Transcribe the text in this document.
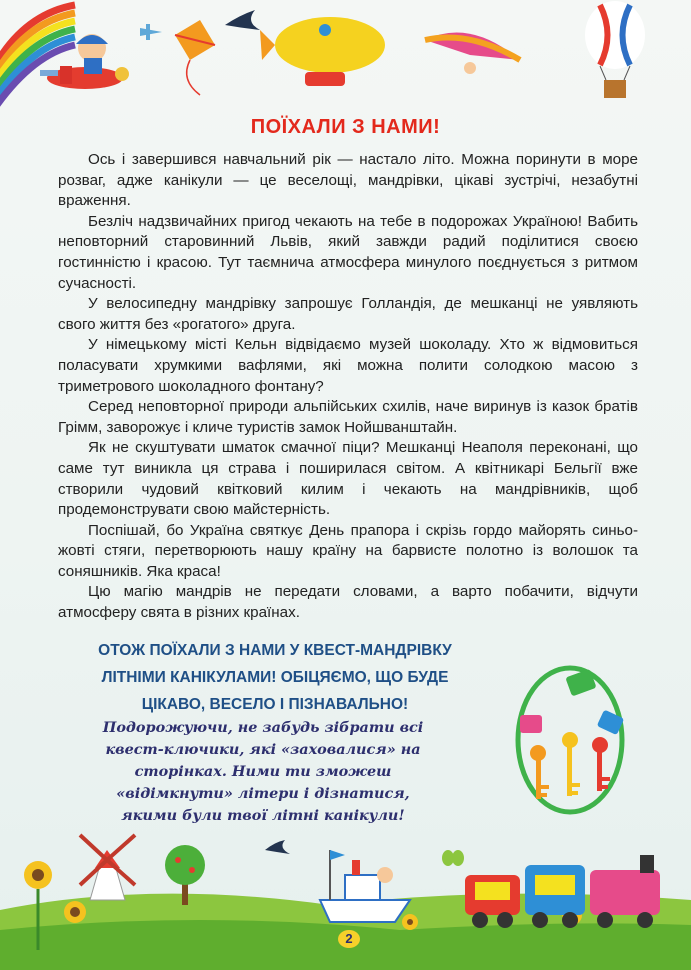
ПОЇХАЛИ З НАМИ!

Ось і завершився навчальний рік — настало літо. Можна поринути в море розваг, адже канікули — це веселощі, мандрівки, цікаві зустрічі, незабутні враження.

Безліч надзвичайних пригод чекають на тебе в подорожах Україною! Вабить неповторний старовинний Львів, який завжди радий поділитися своєю гостинністю і красою. Тут таємнича атмосфера минулого поєднується з ритмом сучасності.

У велосипедну мандрівку запрошує Голландія, де мешканці не уявляють свого життя без «рогатого» друга.

У німецькому місті Кельн відвідаємо музей шоколаду. Хто ж відмовиться поласувати хрумкими вафлями, які можна полити солодкою масою з триметрового шоколадного фонтану?

Серед неповторної природи альпійських схилів, наче виринув із казок братів Грімм, заворожує і кличе туристів замок Нойшванштайн.

Як не скуштувати шматок смачної піци? Мешканці Неаполя переконані, що саме тут виникла ця страва і поширилася світом. А квітникарі Бельгії вже створили чудовий квітковий килим і чекають на мандрівників, щоб продемонструвати свою майстерність.

Поспішай, бо Україна святкує День прапора і скрізь гордо майорять синьо-жовті стяги, перетворюють нашу країну на барвисте полотно із волошок та соняшників. Яка краса!

Цю магію мандрів не передати словами, а варто побачити, відчути атмосферу свята в різних країнах.

ОТОЖ ПОЇХАЛИ З НАМИ У КВЕСТ-МАНДРІВКУ
ЛІТНІМИ КАНІКУЛАМИ! ОБІЦЯЄМО, ЩО БУДЕ
ЦІКАВО, ВЕСЕЛО І ПІЗНАВАЛЬНО!
Подорожуючи, не забудь зібрати всі
квест-ключики, які «заховалися» на
сторінках. Ними ти зможеш
«відімкнути» літери і дізнатися,
якими були твої літні канікули!
2
